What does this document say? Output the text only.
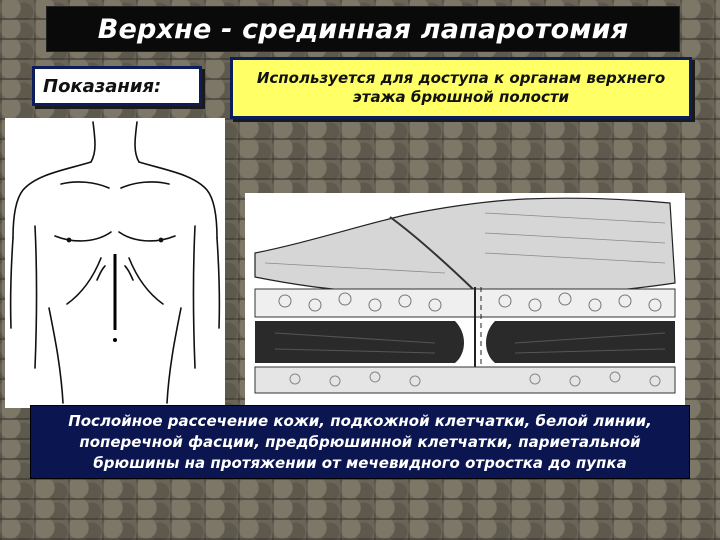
Верхне - срединная лапаротомия
Показания:	Используется для доступа к органам верхнего этажа брюшной полости
Послойное рассечение кожи, подкожной клетчатки, белой линии, поперечной фасции, предбрюшинной клетчатки, париетальной брюшины на протяжении от мечевидного отростка до пупка
